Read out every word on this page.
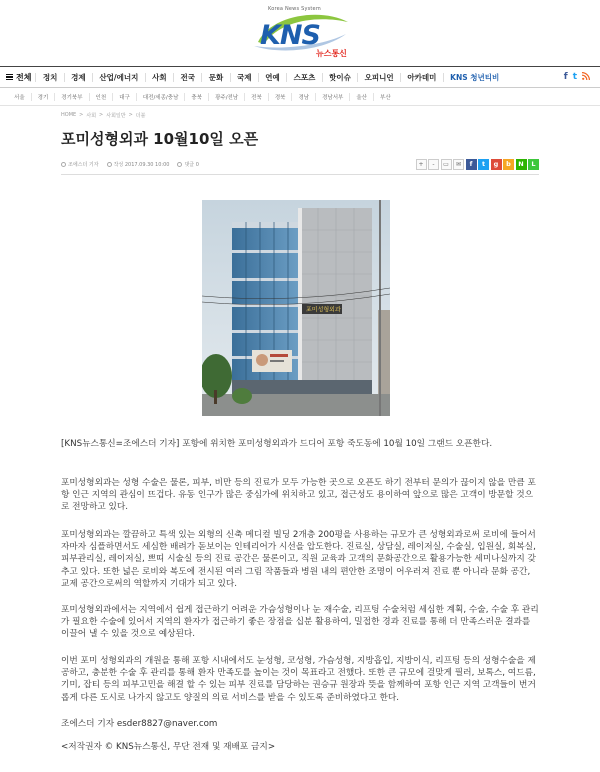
Korea News System
KNS
뉴스통신
전체	정치	경제	산업/에너지	사회	전국	문화	국제	연예	스포츠	핫이슈	오피니언	아카데미	KNS 청년티비	f t
서울	경기	경기북부	인천	대구	대전/세종/충남	충북	광주/전남	전북	경북	경남	경남서부	울산	부산
HOME > 사회 > 사회일반 > 더블
포미성형외과 10월10일 오픈
조에스더 기자	작성 2017.09.30 10:00	댓글 0	+	-	▭	✉	f	t	g	b	N	L
포미성형외과
[KNS뉴스통신=조에스더 기자] 포항에 위치한 포미성형외과가 드디어 포항 죽도동에 10월 10일 그랜드 오픈한다.
포미성형외과는 성형 수술은 물론, 피부, 비만 등의 진료가 모두 가능한 곳으로 오픈도 하기 전부터 문의가 끊이지 않을 만큼 포항 인근 지역의 관심이 뜨겁다. 유동 인구가 많은 중심가에 위치하고 있고, 접근성도 용이하여 앞으로 많은 고객이 방문할 것으로 전망하고 있다.
포미성형외과는 깔끔하고 특색 있는 외형의 신축 메디컬 빌딩 2개층 200평을 사용하는 규모가 큰 성형외과로써 로비에 들어서자마자 심플하면서도 세심한 배려가 돋보이는 인테리어가 시선을 압도한다. 진료실, 상담실, 레이저실, 수술실, 입원실, 회복실, 피부관리실, 레이저실, 쁘띠 시술실 등의 진료 공간은 물론이고, 직원 교육과 고객의 문화공간으로 활용가능한 세미나실까지 갖추고 있다. 또한 넓은 로비와 복도에 전시된 여러 그림 작품들과 병원 내의 편안한 조명이 어우러져 진료 뿐 아니라 문화 공간, 교제 공간으로써의 역할까지 기대가 되고 있다.
포미성형외과에서는 지역에서 쉽게 접근하기 어려운 가슴성형이나 눈 재수술, 리프팅 수술처럼 세심한 계획, 수술, 수술 후 관리가 필요한 수술에 있어서 지역의 환자가 접근하기 좋은 장점을 십분 활용하여, 밀접한 경과 진료를 통해 더 만족스러운 결과를 이끌어 낼 수 있을 것으로 예상된다.
이번 포미 성형외과의 개원을 통해 포항 시내에서도 눈성형, 코성형, 가슴성형, 지방흡입, 지방이식, 리프팅 등의 성형수술을 제공하고, 충분한 수술 후 관리를 통해 환자 만족도를 높이는 것이 목표라고 전했다. 또한 큰 규모에 걸맞게 필러, 보톡스, 여드름, 기미, 잡티 등의 피부고민을 해결 할 수 있는 피부 진료를 담당하는 권승규 원장과 뜻을 함께하여 포항 인근 지역 고객들이 번거롭게 다른 도시로 나가지 않고도 양질의 의료 서비스를 받을 수 있도록 준비하였다고 한다.
조에스더 기자 esder8827@naver.com
<저작권자 © KNS뉴스통신, 무단 전재 및 재배포 금지>
